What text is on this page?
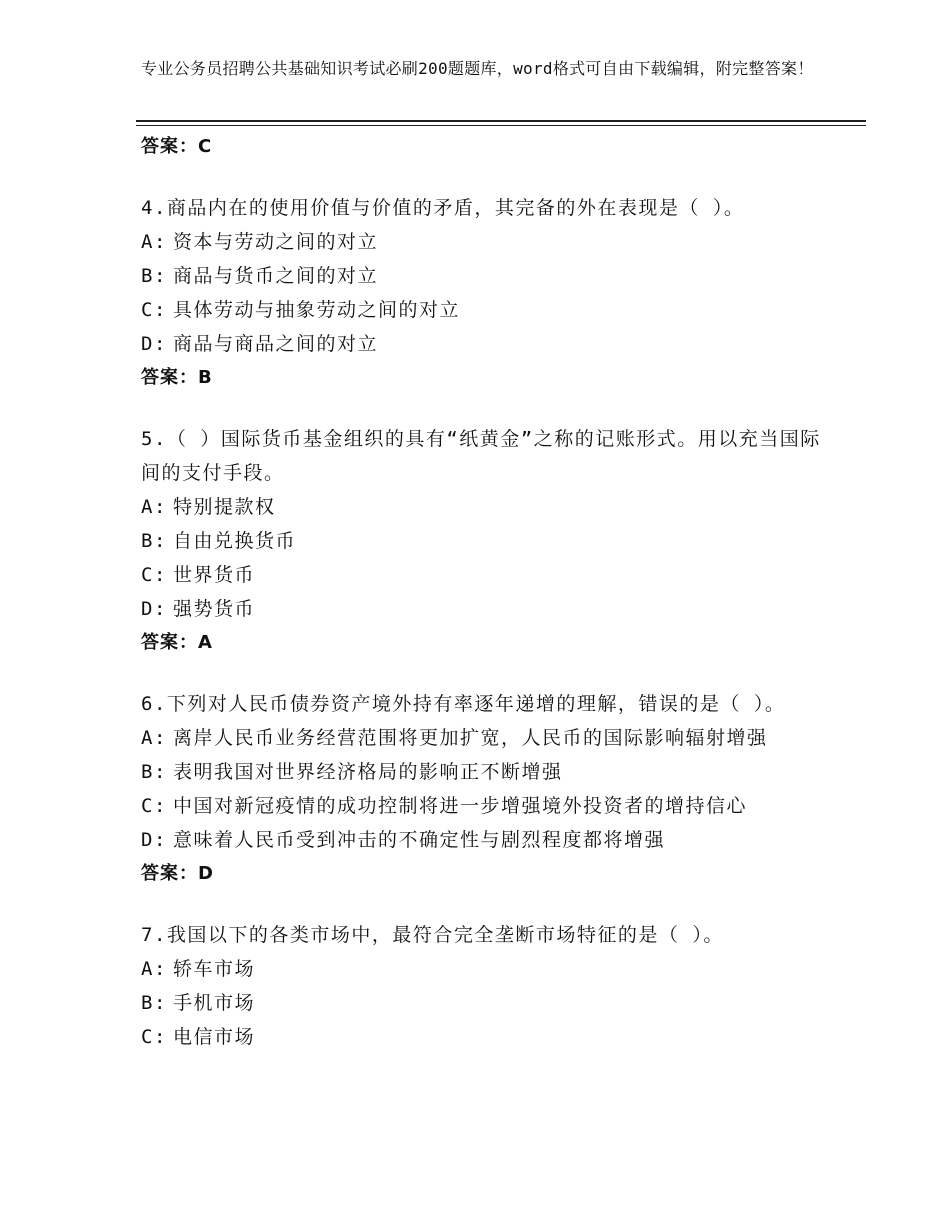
专业公务员招聘公共基础知识考试必刷200题题库，word格式可自由下载编辑，附完整答案！
答案：C

4.商品内在的使用价值与价值的矛盾，其完备的外在表现是（ ）。

A: 资本与劳动之间的对立
B: 商品与货币之间的对立
C: 具体劳动与抽象劳动之间的对立
D: 商品与商品之间的对立
答案：B

5.（ ）国际货币基金组织的具有“纸黄金”之称的记账形式。用以充当国际间的支付手段。

A: 特别提款权
B: 自由兑换货币
C: 世界货币
D: 强势货币
答案：A

6.下列对人民币债券资产境外持有率逐年递增的理解，错误的是（ ）。

A: 离岸人民币业务经营范围将更加扩宽，人民币的国际影响辐射增强
B: 表明我国对世界经济格局的影响正不断增强
C: 中国对新冠疫情的成功控制将进一步增强境外投资者的增持信心
D: 意味着人民币受到冲击的不确定性与剧烈程度都将增强
答案：D

7.我国以下的各类市场中，最符合完全垄断市场特征的是（ ）。

A: 轿车市场
B: 手机市场
C: 电信市场
